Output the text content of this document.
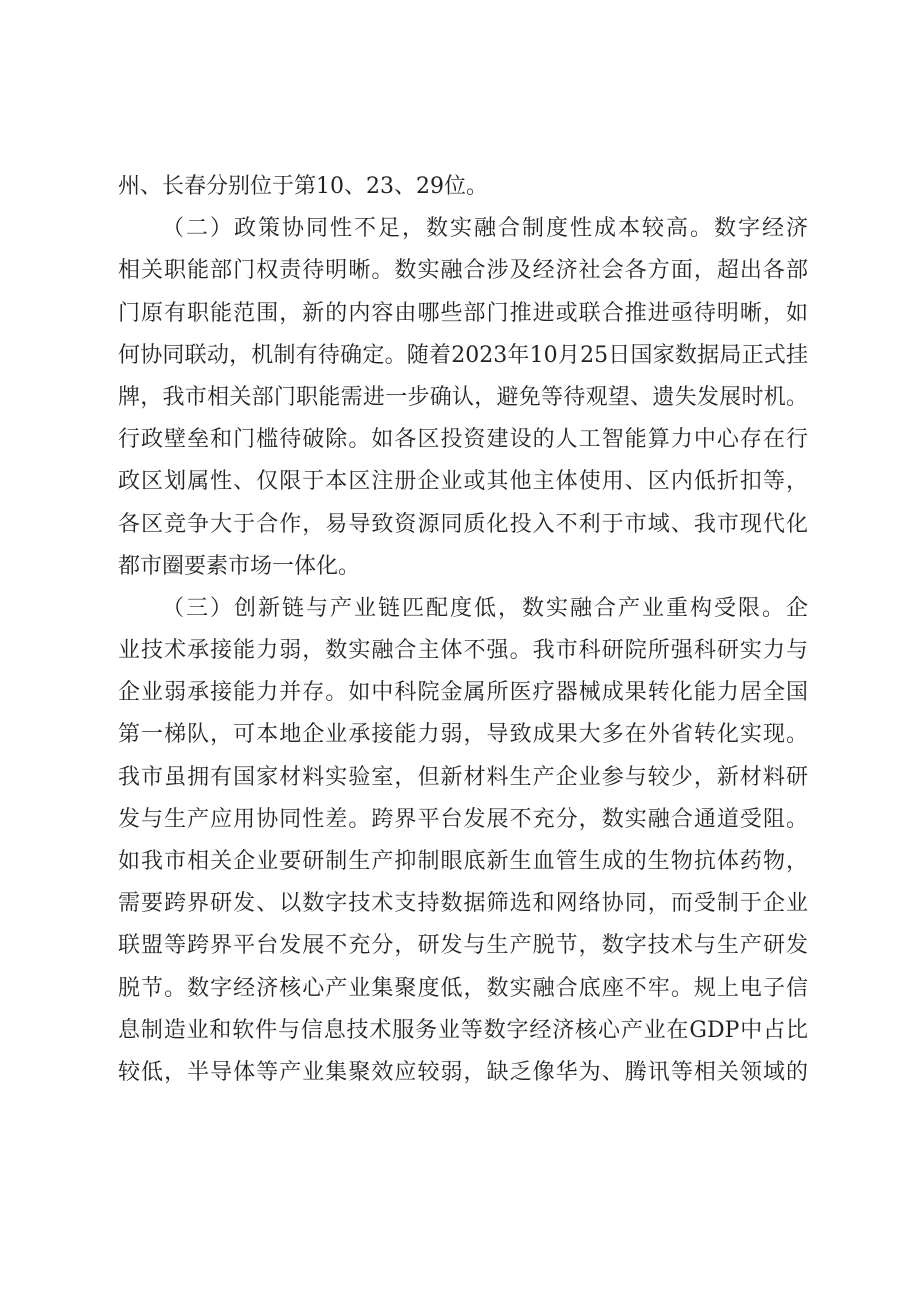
州、长春分别位于第10、23、29位。
（二）政策协同性不足，数实融合制度性成本较高。数字经济
相关职能部门权责待明晰。数实融合涉及经济社会各方面，超出各部
门原有职能范围，新的内容由哪些部门推进或联合推进亟待明晰，如
何协同联动，机制有待确定。随着2023年10月25日国家数据局正式挂
牌，我市相关部门职能需进一步确认，避免等待观望、遗失发展时机。
行政壁垒和门槛待破除。如各区投资建设的人工智能算力中心存在行
政区划属性、仅限于本区注册企业或其他主体使用、区内低折扣等，
各区竞争大于合作，易导致资源同质化投入不利于市域、我市现代化
都市圈要素市场一体化。
（三）创新链与产业链匹配度低，数实融合产业重构受限。企
业技术承接能力弱，数实融合主体不强。我市科研院所强科研实力与
企业弱承接能力并存。如中科院金属所医疗器械成果转化能力居全国
第一梯队，可本地企业承接能力弱，导致成果大多在外省转化实现。
我市虽拥有国家材料实验室，但新材料生产企业参与较少，新材料研
发与生产应用协同性差。跨界平台发展不充分，数实融合通道受阻。
如我市相关企业要研制生产抑制眼底新生血管生成的生物抗体药物，
需要跨界研发、以数字技术支持数据筛选和网络协同，而受制于企业
联盟等跨界平台发展不充分，研发与生产脱节，数字技术与生产研发
脱节。数字经济核心产业集聚度低，数实融合底座不牢。规上电子信
息制造业和软件与信息技术服务业等数字经济核心产业在GDP中占比
较低，半导体等产业集聚效应较弱，缺乏像华为、腾讯等相关领域的
